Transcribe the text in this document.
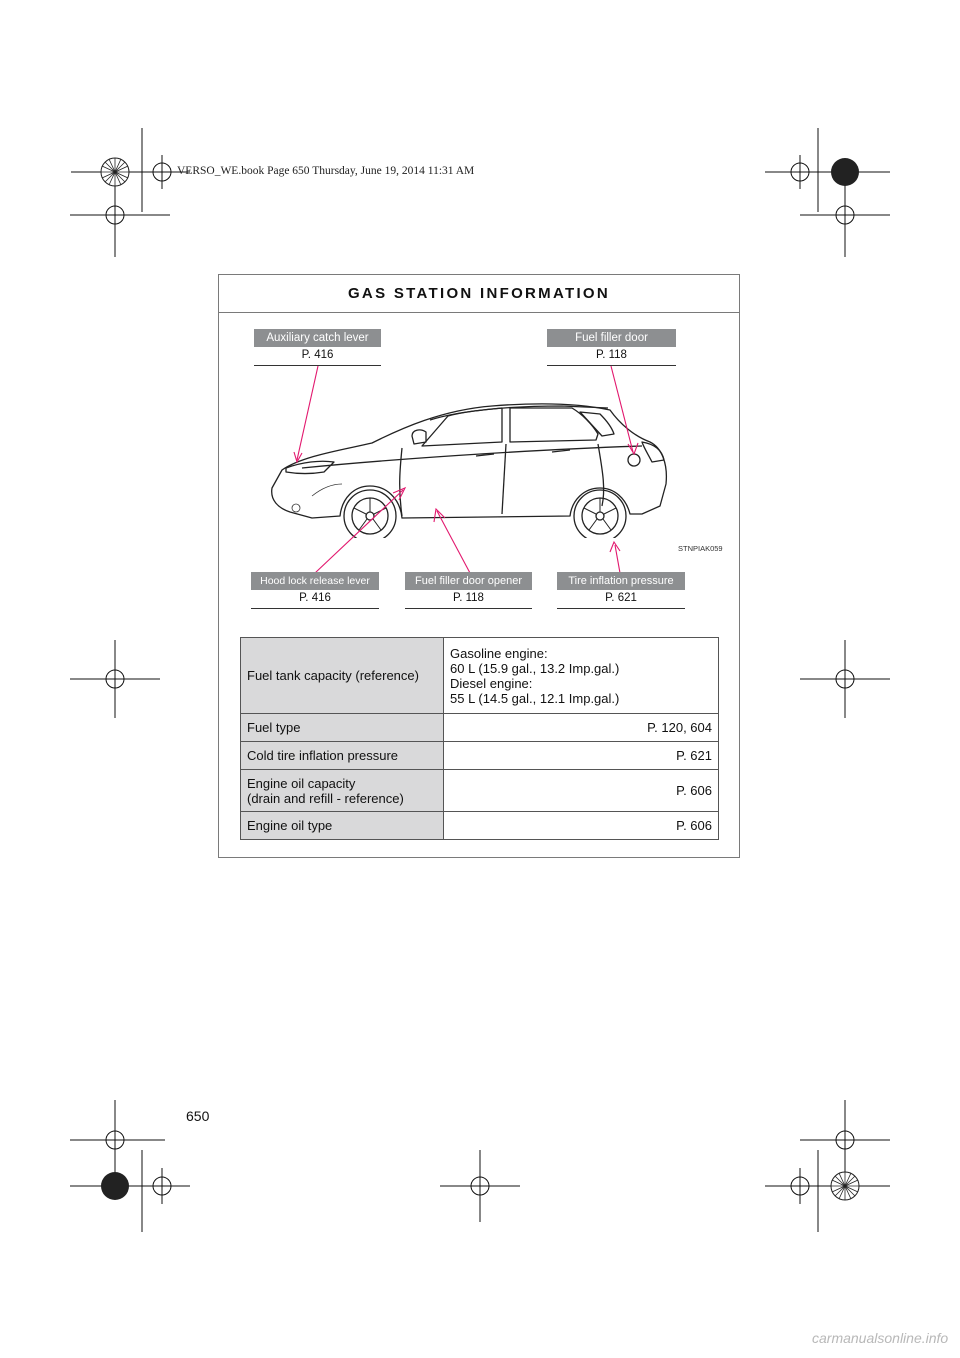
VERSO_WE.book Page 650 Thursday, June 19, 2014 11:31 AM
GAS STATION INFORMATION
Auxiliary catch lever
P. 416
Fuel filler door
P. 118
STNPIAK059
Hood lock release lever
P. 416
Fuel filler door opener
P. 118
Tire inflation pressure
P. 621
Fuel tank capacity (reference)	Gasoline engine:
60 L (15.9 gal., 13.2 Imp.gal.)
Diesel engine:
55 L (14.5 gal., 12.1 Imp.gal.)

Fuel type	P. 120, 604
Cold tire inflation pressure	P. 621

Engine oil capacity
(drain and refill - reference)	P. 606
Engine oil type	P. 606
650
carmanualsonline.info
